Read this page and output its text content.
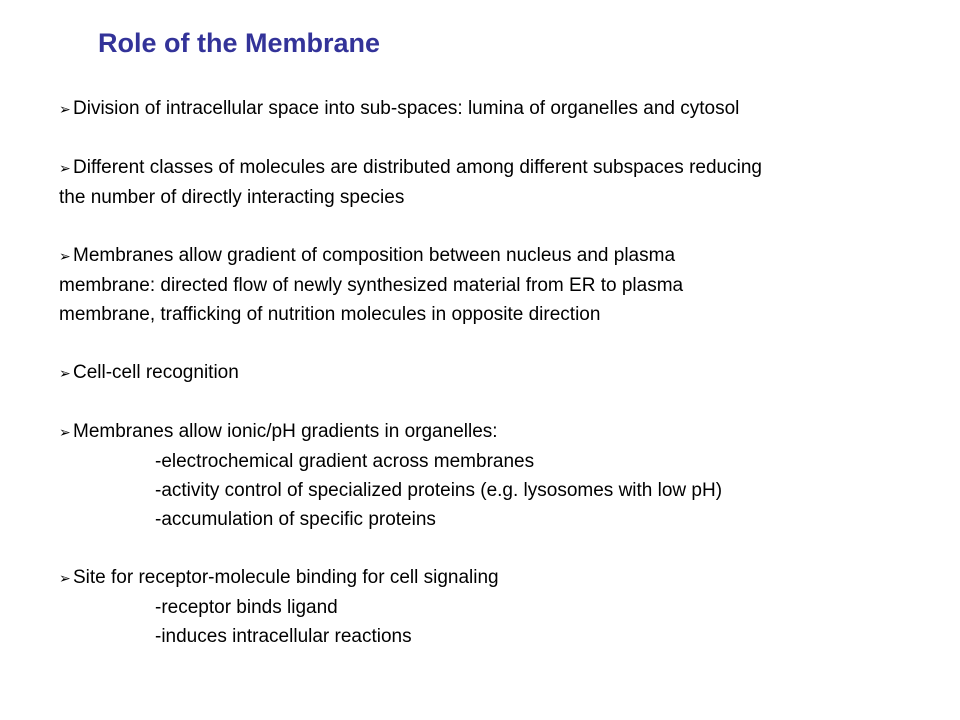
Role of the Membrane
➢ Division of intracellular space into sub-spaces: lumina of organelles and cytosol
➢ Different classes of molecules are distributed among different subspaces reducing
the number of directly interacting species
➢ Membranes allow gradient of composition between nucleus and plasma
membrane: directed flow of newly synthesized material from ER to plasma
membrane, trafficking of nutrition molecules in opposite direction
➢ Cell-cell recognition
➢ Membranes allow ionic/pH gradients in organelles:
-electrochemical gradient across membranes
-activity control of specialized proteins (e.g. lysosomes with low pH)
-accumulation of specific proteins
➢ Site for receptor-molecule binding for cell signaling
-receptor binds ligand
-induces intracellular reactions
